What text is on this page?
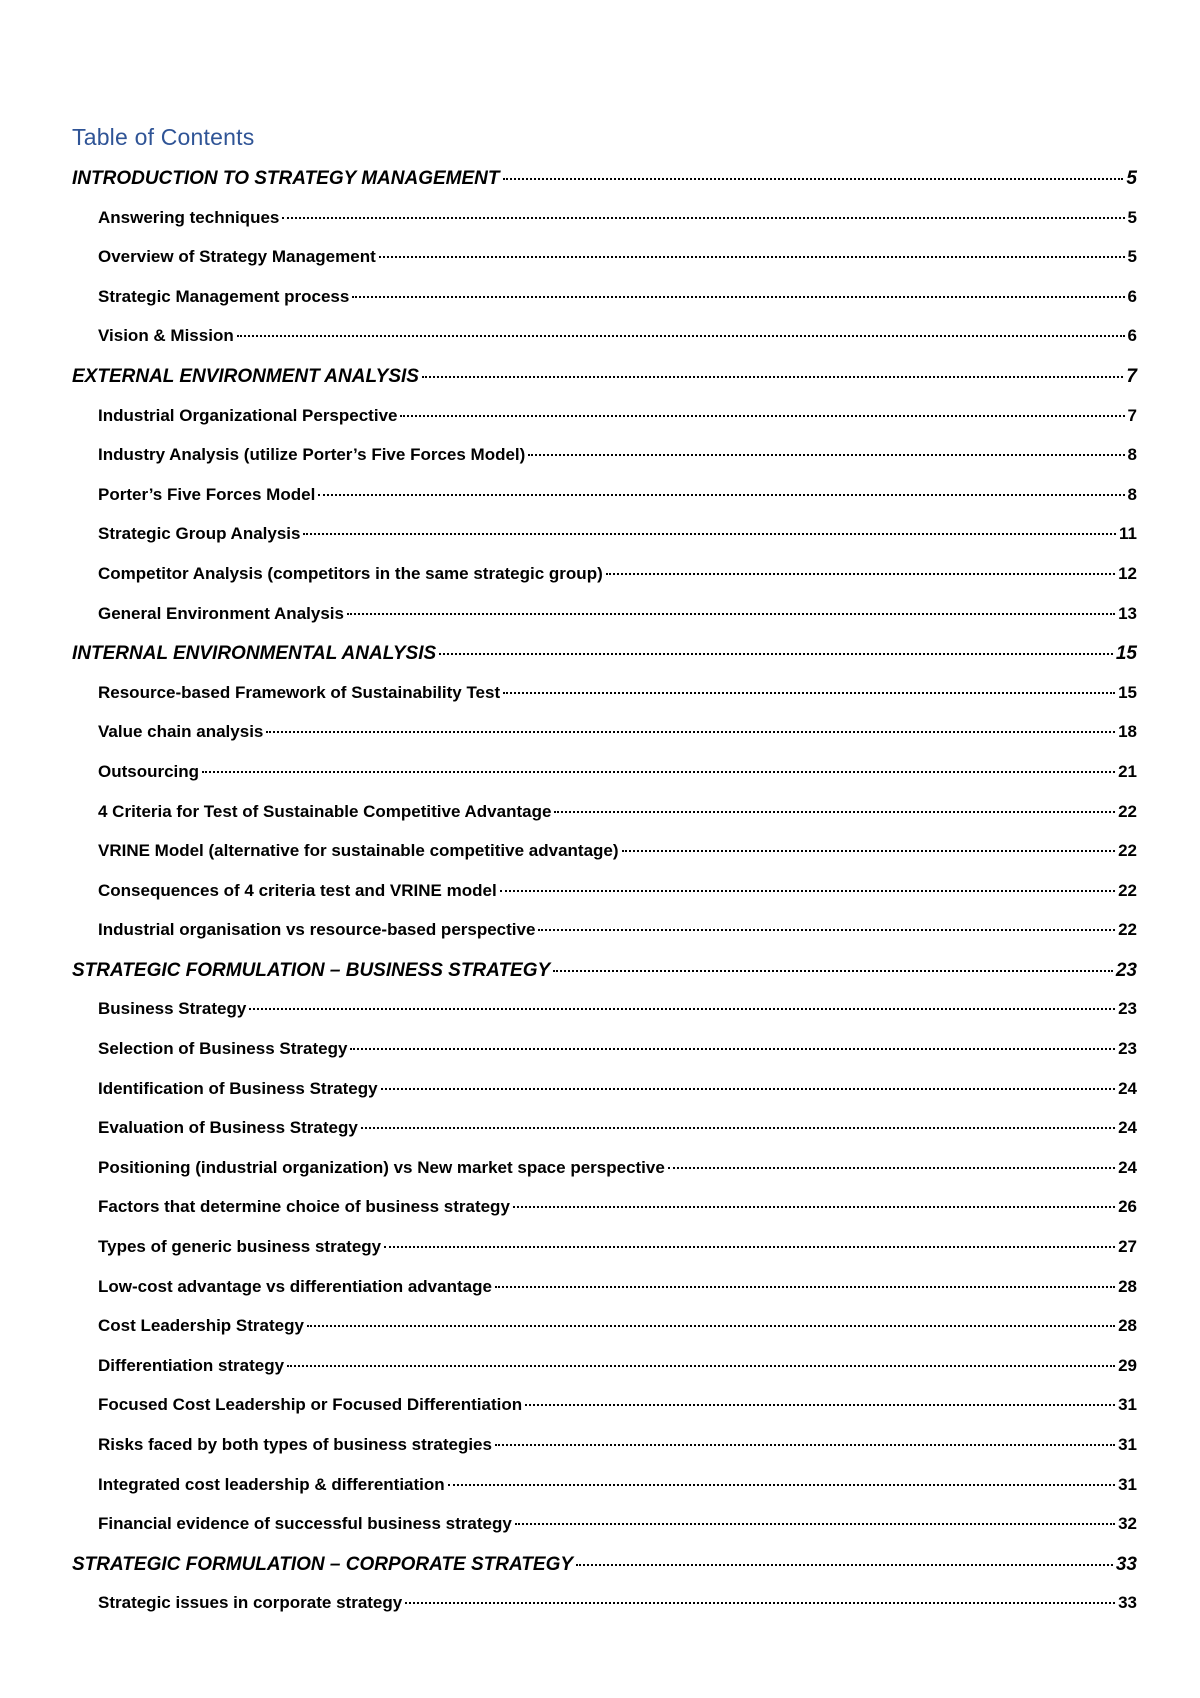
Table of Contents
INTRODUCTION TO STRATEGY MANAGEMENT	5
Answering techniques	5
Overview of Strategy Management	5
Strategic Management process	6
Vision & Mission	6
EXTERNAL ENVIRONMENT ANALYSIS	7
Industrial Organizational Perspective	7
Industry Analysis (utilize Porter’s Five Forces Model)	8
Porter’s Five Forces Model	8
Strategic Group Analysis	11
Competitor Analysis (competitors in the same strategic group)	12
General Environment Analysis	13
INTERNAL ENVIRONMENTAL ANALYSIS	15
Resource-based Framework of Sustainability Test	15
Value chain analysis	18
Outsourcing	21
4 Criteria for Test of Sustainable Competitive Advantage	22
VRINE Model (alternative for sustainable competitive advantage)	22
Consequences of 4 criteria test and VRINE model	22
Industrial organisation vs resource-based perspective	22
STRATEGIC FORMULATION – BUSINESS STRATEGY	23
Business Strategy	23
Selection of Business Strategy	23
Identification of Business Strategy	24
Evaluation of Business Strategy	24
Positioning (industrial organization) vs New market space perspective	24
Factors that determine choice of business strategy	26
Types of generic business strategy	27
Low-cost advantage vs differentiation advantage	28
Cost Leadership Strategy	28
Differentiation strategy	29
Focused Cost Leadership or Focused Differentiation	31
Risks faced by both types of business strategies	31
Integrated cost leadership & differentiation	31
Financial evidence of successful business strategy	32
STRATEGIC FORMULATION – CORPORATE STRATEGY	33
Strategic issues in corporate strategy	33
